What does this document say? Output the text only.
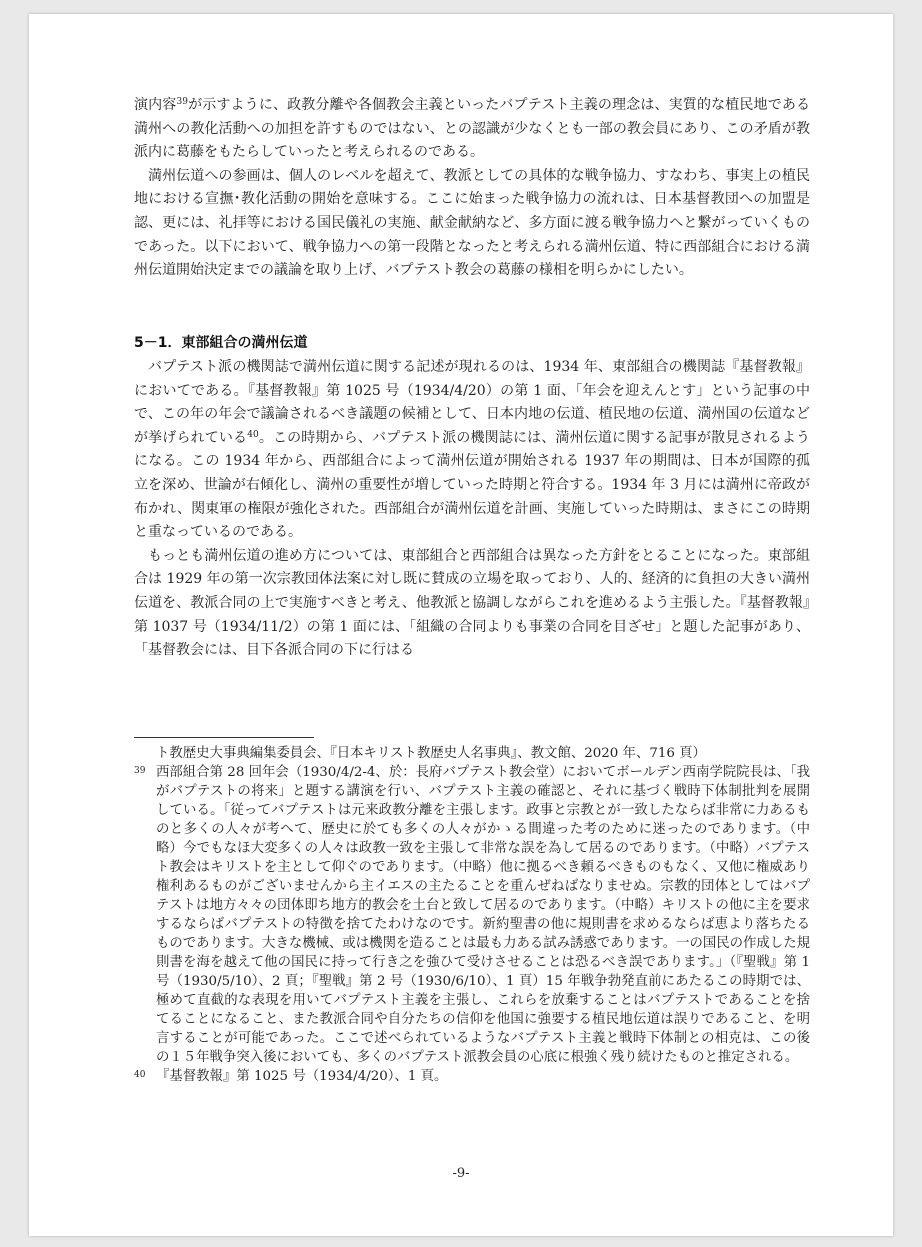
演内容$^{39}$が示すように、政教分離や各個教会主義といったバプテスト主義の理念は、実質的な植民地である満州への教化活動への加担を許すものではない、との認識が少なくとも一部の教会員にあり、この矛盾が教派内に葛藤をもたらしていったと考えられるのである。

満州伝道への参画は、個人のレベルを超えて、教派としての具体的な戦争協力、すなわち、事実上の植民地における宣撫･教化活動の開始を意味する。ここに始まった戦争協力の流れは、日本基督教団への加盟是認、更には、礼拝等における国民儀礼の実施、献金献納など、多方面に渡る戦争協力へと繋がっていくものであった。以下において、戦争協力への第一段階となったと考えられる満州伝道、特に西部組合における満州伝道開始決定までの議論を取り上げ、バプテスト教会の葛藤の様相を明らかにしたい。

5－1．東部組合の満州伝道

バプテスト派の機関誌で満州伝道に関する記述が現れるのは、1934 年、東部組合の機関誌『基督教報』においてである。『基督教報』第 1025 号（1934/4/20）の第 1 面、「年会を迎えんとす」という記事の中で、この年の年会で議論されるべき議題の候補として、日本内地の伝道、植民地の伝道、満州国の伝道などが挙げられている$^{40}$。この時期から、バプテスト派の機関誌には、満州伝道に関する記事が散見されるようになる。この 1934 年から、西部組合によって満州伝道が開始される 1937 年の期間は、日本が国際的孤立を深め、世論が右傾化し、満州の重要性が増していった時期と符合する。1934 年 3 月には満州に帝政が布かれ、関東軍の権限が強化された。西部組合が満州伝道を計画、実施していった時期は、まさにこの時期と重なっているのである。

もっとも満州伝道の進め方については、東部組合と西部組合は異なった方針をとることになった。東部組合は 1929 年の第一次宗教団体法案に対し既に賛成の立場を取っており、人的、経済的に負担の大きい満州伝道を、教派合同の上で実施すべきと考え、他教派と協調しながらこれを進めるよう主張した。『基督教報』第 1037 号（1934/11/2）の第 1 面には、「組織の合同よりも事業の合同を目ざせ」と題した記事があり、「基督教会には、目下各派合同の下に行はる

ト教歴史大事典編集委員会、『日本キリスト教歴史人名事典』、教文館、2020 年、716 頁）

39 西部組合第 28 回年会（1930/4/2-4、於：長府バプテスト教会堂）においてボールデン西南学院院長は、「我がバプテストの将来」と題する講演を行い、バプテスト主義の確認と、それに基づく戦時下体制批判を展開している。「従ってバプテストは元来政教分離を主張します。政事と宗教とが一致したならば非常に力あるものと多くの人々が考へて、歴史に於ても多くの人々がかゝる間違った考のために迷ったのであります。（中略）今でもなほ大変多くの人々は政教一致を主張して非常な誤を為して居るのであります。（中略）バプテスト教会はキリストを主として仰ぐのであります。（中略）他に拠るべき頼るべきものもなく、又他に権威あり権利あるものがございませんから主イエスの主たることを重んぜねばなりませぬ。宗教的団体としてはバプテストは地方々々の団体即ち地方的教会を土台と致して居るのであります。（中略）キリストの他に主を要求するならばバプテストの特徴を捨てたわけなのです。新約聖書の他に規則書を求めるならば恵より落ちたるものであります。大きな機械、或は機関を造ることは最も力ある試み誘惑であります。一の国民の作成した規則書を海を越えて他の国民に持って行き之を強ひて受けさせることは恐るべき誤であります。」（『聖戦』第 1 号（1930/5/10）、2 頁；『聖戦』第 2 号（1930/6/10）、1 頁）15 年戦争勃発直前にあたるこの時期では、極めて直截的な表現を用いてバプテスト主義を主張し、これらを放棄することはバプテストであることを捨てることになること、また教派合同や自分たちの信仰を他国に強要する植民地伝道は誤りであること、を明言することが可能であった。ここで述べられているようなバプテスト主義と戦時下体制との相克は、この後の１５年戦争突入後においても、多くのバプテスト派教会員の心底に根強く残り続けたものと推定される。

40 『基督教報』第 1025 号（1934/4/20）、1 頁。

-9-
